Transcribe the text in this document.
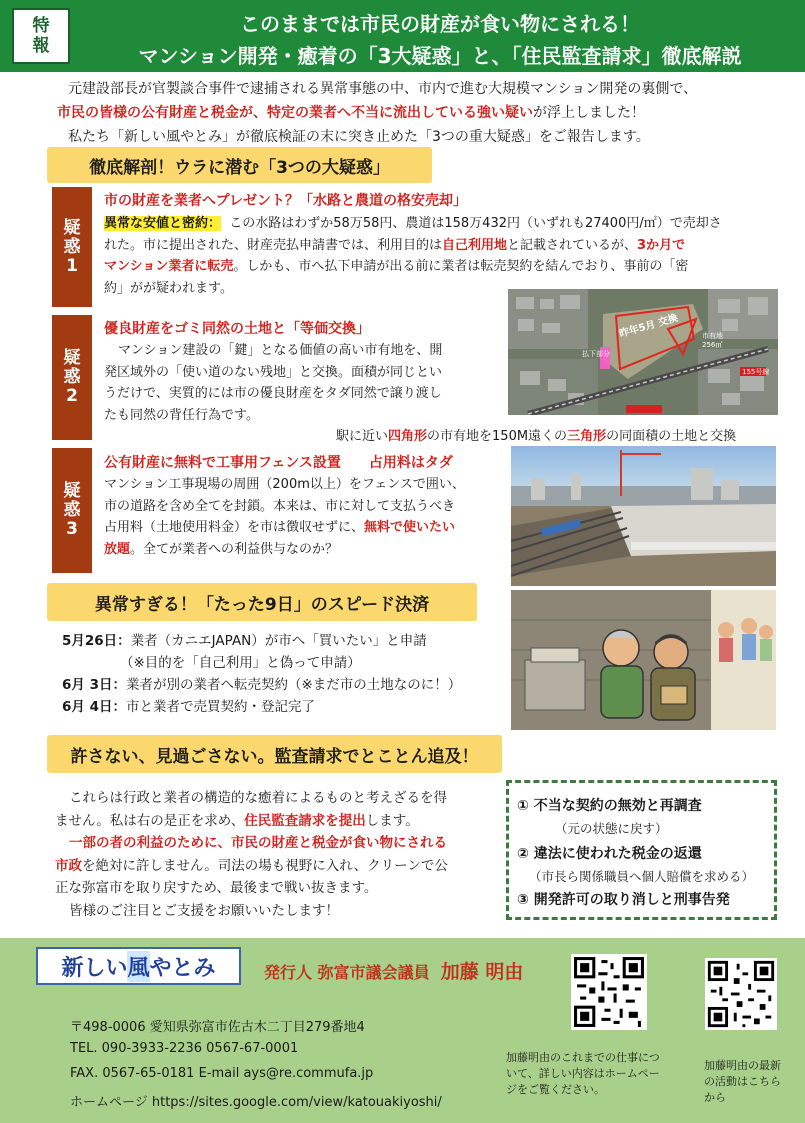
特
報
このままでは市民の財産が食い物にされる！
マンション開発・癒着の「3大疑惑」と、「住民監査請求」徹底解説
元建設部長が官製談合事件で逮捕される異常事態の中、市内で進む大規模マンション開発の裏側で、
市民の皆様の公有財産と税金が、特定の業者へ不当に流出している強い疑いが浮上しました！
私たち「新しい風やとみ」が徹底検証の末に突き止めた「3つの重大疑惑」をご報告します。
徹底解剖！ウラに潜む「3つの大疑惑」
疑
惑
1
市の財産を業者へプレゼント？「水路と農道の格安売却」
異常な安値と密約： この水路はわずか58万58円、農道は158万432円（いずれも27400円/㎡）で売却さ
れた。市に提出された、財産売払申請書では、利用目的は自己利用地と記載されているが、3か月で
マンション業者に転売。しかも、市へ払下申請が出る前に業者は転売契約を結んでおり、事前の「密
約」がが疑われます。
疑
惑
2
優良財産をゴミ同然の土地と「等価交換」
マンション建設の「鍵」となる価値の高い市有地を、開
発区域外の「使い道のない残地」と交換。面積が同じとい
うだけで、実質的には市の優良財産をタダ同然で譲り渡し
たも同然の背任行為です。
昨年5月 交換	市有地
256㎡
払下部分
155号線
駅に近い四角形の市有地を150M遠くの三角形の同面積の土地と交換
疑
惑
3
公有財産に無料で工事用フェンス設置　　占用料はタダ
マンション工事現場の周囲（200m以上）をフェンスで囲い、
市の道路を含め全てを封鎖。本来は、市に対して支払うべき
占用料（土地使用料金）を市は徴収せずに、無料で使いたい
放題。全てが業者への利益供与なのか？
異常すぎる！「たった9日」のスピード決済
5月26日：業者（カニエJAPAN）が市へ「買いたい」と申請
（※目的を「自己利用」と偽って申請）
6月 3日：業者が別の業者へ転売契約（※まだ市の土地なのに！）
6月 4日：市と業者で売買契約・登記完了
許さない、見過ごさない。監査請求でとことん追及！
これらは行政と業者の構造的な癒着によるものと考えざるを得
ません。私は右の是正を求め、住民監査請求を提出します。
一部の者の利益のために、市民の財産と税金が食い物にされる
市政を絶対に許しません。司法の場も視野に入れ、クリーンで公
正な弥富市を取り戻すため、最後まで戦い抜きます。
皆様のご注目とご支援をお願いいたします！
① 不当な契約の無効と再調査
（元の状態に戻す）
② 違法に使われた税金の返還
（市長ら関係職員へ個人賠償を求める）
③ 開発許可の取り消しと刑事告発
新しい 風 やとみ	発行人 弥富市議会議員 加藤 明由
〒498-0006 愛知県弥富市佐古木二丁目279番地4
TEL. 090-3933-2236 0567-67-0001
FAX. 0567-65-0181 E-mail ays@re.commufa.jp
ホームページ https://sites.google.com/view/katouakiyoshi/
加藤明由のこれまでの仕事について、詳しい内容はホームページをご覧ください。
加藤明由の最新の活動はこちらから
